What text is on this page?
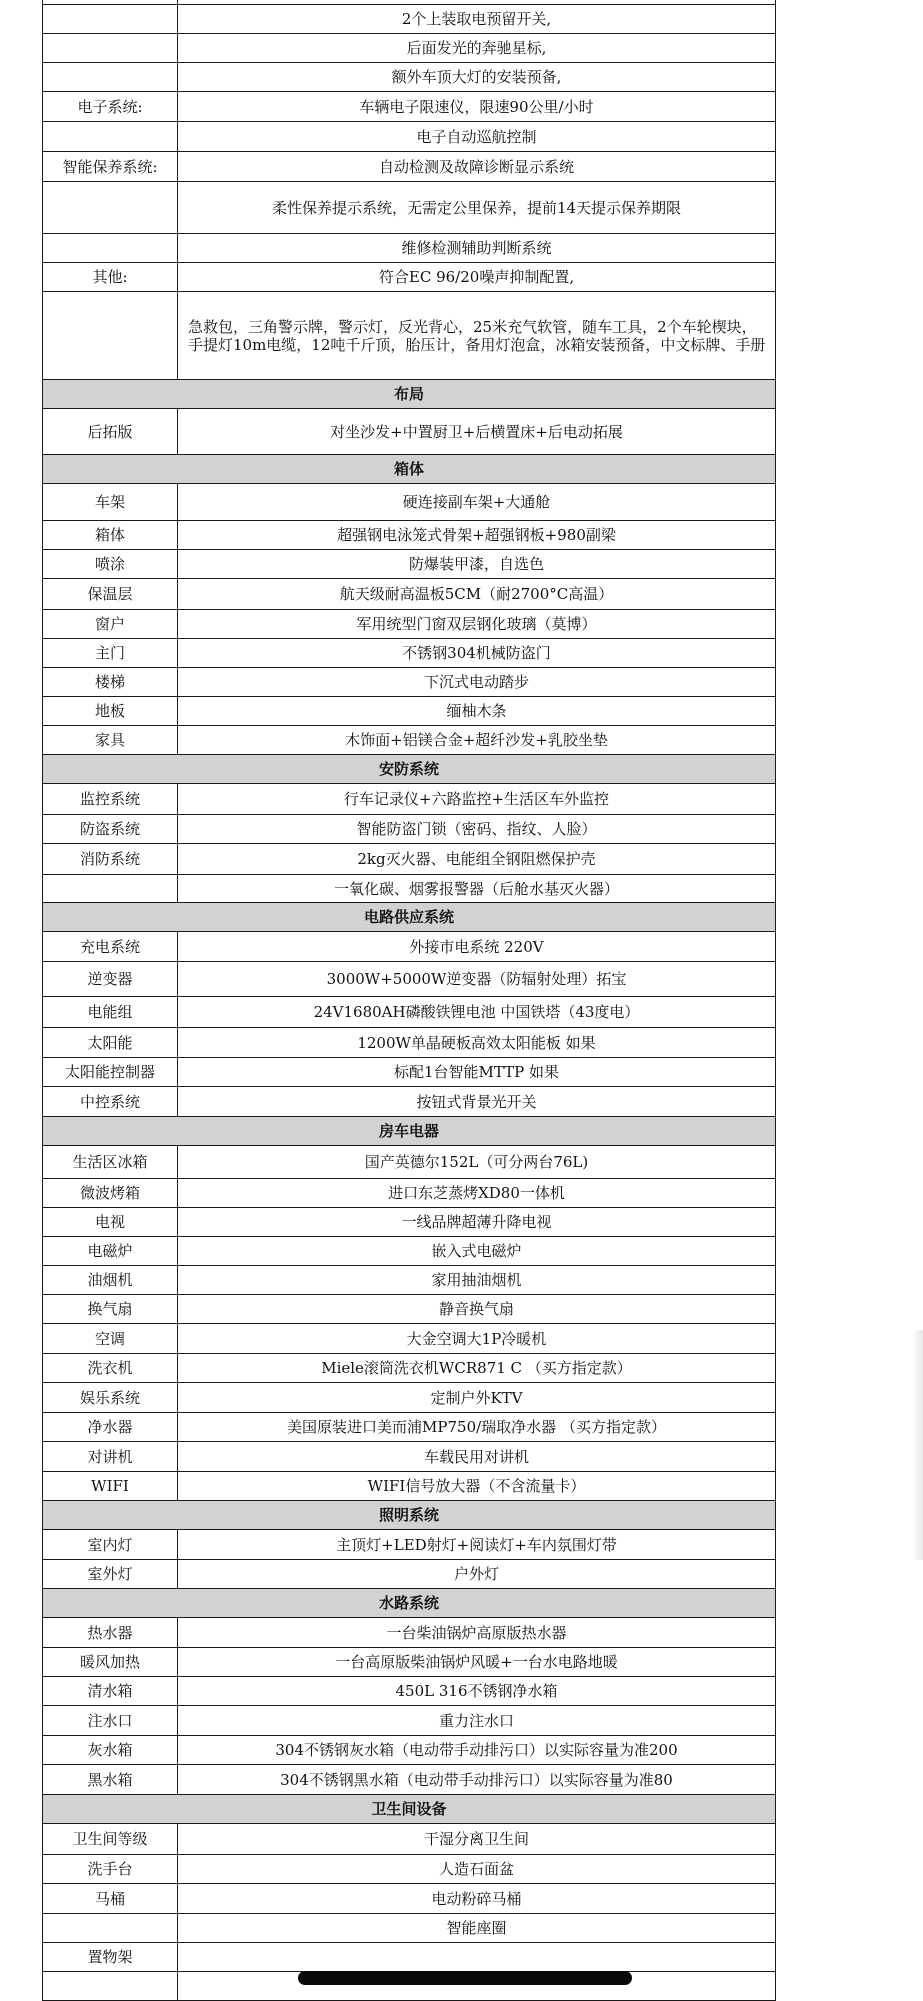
	2个上装取电预留开关,
	后面发光的奔驰星标,
	额外车顶大灯的安装预备,
电子系统:	车辆电子限速仪，限速90公里/小时
	电子自动巡航控制
智能保养系统:	自动检测及故障诊断显示系统
	柔性保养提示系统，无需定公里保养，提前14天提示保养期限
	维修检测辅助判断系统
其他:	符合EC 96/20噪声抑制配置,
	急救包，三角警示牌，警示灯，反光背心，25米充气软管，随车工具，2个车轮楔块，手提灯10m电缆，12吨千斤顶，胎压计，备用灯泡盒，冰箱安装预备，中文标牌、手册
布局	
后拓版	对坐沙发+中置厨卫+后横置床+后电动拓展
箱体	
车架	硬连接副车架+大通舱
箱体	超强钢电泳笼式骨架+超强钢板+980副梁
喷涂	防爆装甲漆，自选色
保温层	航天级耐高温板5CM（耐2700°C高温）
窗户	军用统型门窗双层钢化玻璃（莫博）
主门	不锈钢304机械防盗门
楼梯	下沉式电动踏步
地板	缅柚木条
家具	木饰面+铝镁合金+超纤沙发+乳胶坐垫
安防系统	
监控系统	行车记录仪+六路监控+生活区车外监控
防盗系统	智能防盗门锁（密码、指纹、人脸）
消防系统	2kg灭火器、电能组全钢阻燃保护壳
	一氧化碳、烟雾报警器（后舱水基灭火器）
电路供应系统	
充电系统	外接市电系统 220V
逆变器	3000W+5000W逆变器（防辐射处理）拓宝
电能组	24V1680AH磷酸铁锂电池 中国铁塔（43度电）
太阳能	1200W单晶硬板高效太阳能板 如果
太阳能控制器	标配1台智能MTTP 如果
中控系统	按钮式背景光开关
房车电器	
生活区冰箱	国产英德尔152L（可分两台76L)
微波烤箱	进口东芝蒸烤XD80一体机
电视	一线品牌超薄升降电视
电磁炉	嵌入式电磁炉
油烟机	家用抽油烟机
换气扇	静音换气扇
空调	大金空调大1P冷暖机
洗衣机	Miele滚筒洗衣机WCR871 C （买方指定款）
娱乐系统	定制户外KTV
净水器	美国原装进口美而浦MP750/瑞取净水器 （买方指定款）
对讲机	车载民用对讲机
WIFI	WIFI信号放大器（不含流量卡）
照明系统	
室内灯	主顶灯+LED射灯+阅读灯+车内氛围灯带
室外灯	户外灯
水路系统	
热水器	一台柴油锅炉高原版热水器
暖风加热	一台高原版柴油锅炉风暖+一台水电路地暖
清水箱	450L 316不锈钢净水箱
注水口	重力注水口
灰水箱	304不锈钢灰水箱（电动带手动排污口）以实际容量为准200
黑水箱	304不锈钢黑水箱（电动带手动排污口）以实际容量为准80
卫生间设备	
卫生间等级	干湿分离卫生间
洗手台	人造石面盆
马桶	电动粉碎马桶
	智能座圈
置物架	
